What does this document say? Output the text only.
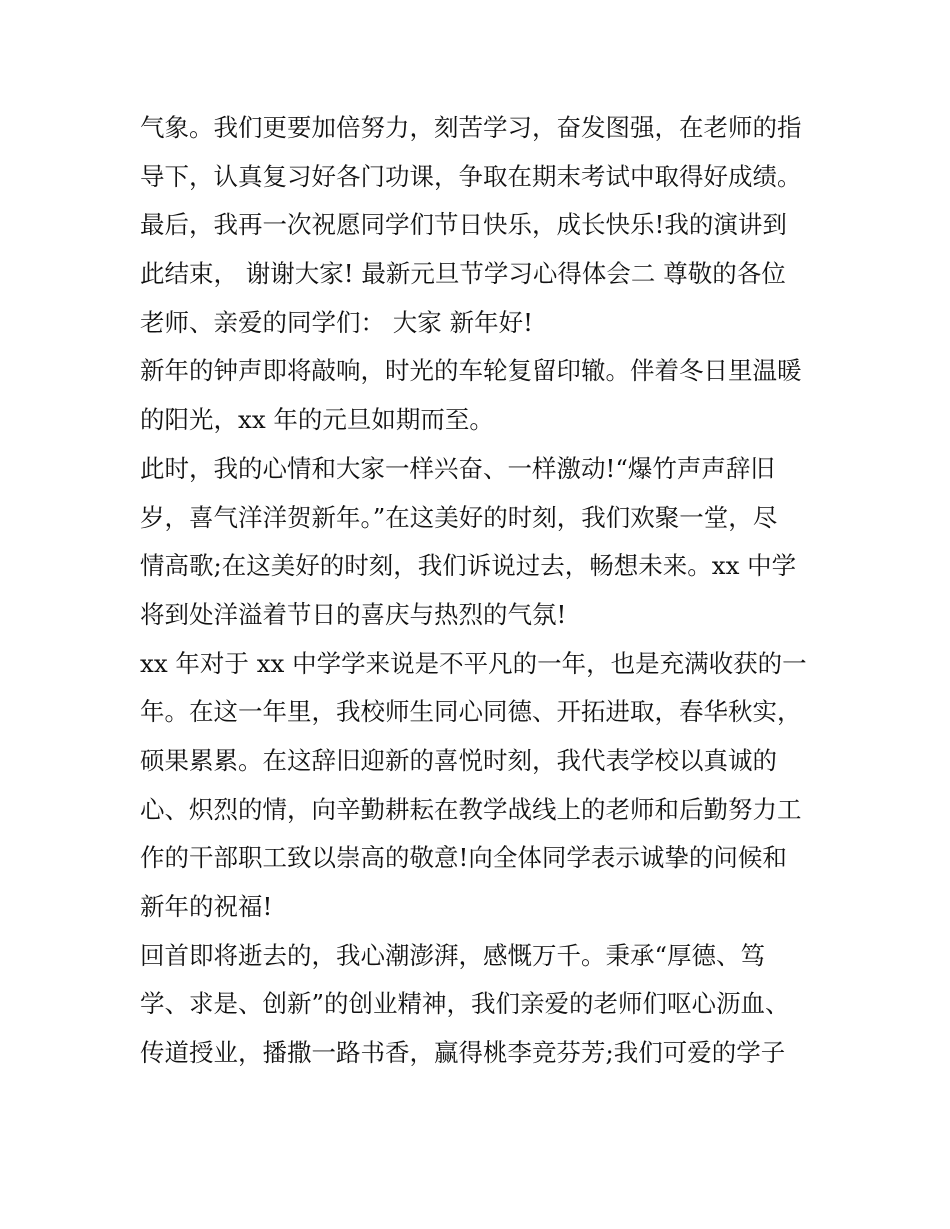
气象。我们更要加倍努力，刻苦学习，奋发图强，在老师的指
导下，认真复习好各门功课，争取在期末考试中取得好成绩。
最后，我再一次祝愿同学们节日快乐，成长快乐!我的演讲到
此结束， 谢谢大家! 最新元旦节学习心得体会二 尊敬的各位
老师、亲爱的同学们： 大家 新年好!
新年的钟声即将敲响，时光的车轮复留印辙。伴着冬日里温暖
的阳光，xx 年的元旦如期而至。
此时，我的心情和大家一样兴奋、一样激动!“爆竹声声辞旧
岁，喜气洋洋贺新年。”在这美好的时刻，我们欢聚一堂，尽
情高歌;在这美好的时刻，我们诉说过去，畅想未来。xx 中学
将到处洋溢着节日的喜庆与热烈的气氛!
xx 年对于 xx 中学学来说是不平凡的一年，也是充满收获的一
年。在这一年里，我校师生同心同德、开拓进取，春华秋实，
硕果累累。在这辞旧迎新的喜悦时刻，我代表学校以真诚的
心、炽烈的情，向辛勤耕耘在教学战线上的老师和后勤努力工
作的干部职工致以崇高的敬意!向全体同学表示诚挚的问候和
新年的祝福!
回首即将逝去的，我心潮澎湃，感慨万千。秉承“厚德、笃
学、求是、创新”的创业精神，我们亲爱的老师们呕心沥血、
传道授业，播撒一路书香，赢得桃李竞芬芳;我们可爱的学子
